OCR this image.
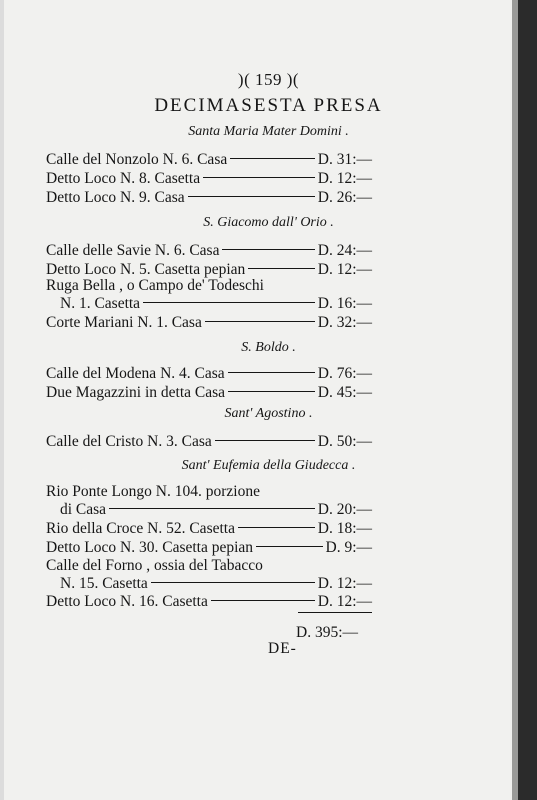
)( 159 )(
DECIMASESTA PRESA
Santa Maria Mater Domini .
Calle del Nonzolo N. 6. Casa	D. 31:—
Detto Loco N. 8. Casetta	D. 12:—
Detto Loco N. 9. Casa	D. 26:—
S. Giacomo dall' Orio .
Calle delle Savie N. 6. Casa	D. 24:—
Detto Loco N. 5. Casetta pepian	D. 12:—
Ruga Bella , o Campo de' Todeschi
N. 1. Casetta	D. 16:—
Corte Mariani N. 1. Casa	D. 32:—
S. Boldo .
Calle del Modena N. 4. Casa	D. 76:—
Due Magazzini in detta Casa	D. 45:—
Sant' Agostino .
Calle del Cristo N. 3. Casa	D. 50:—
Sant' Eufemia della Giudecca .
Rio Ponte Longo N. 104. porzione
di Casa	D. 20:—
Rio della Croce N. 52. Casetta	D. 18:—
Detto Loco N. 30. Casetta pepian	D. 9:—
Calle del Forno , ossia del Tabacco
N. 15. Casetta	D. 12:—
Detto Loco N. 16. Casetta	D. 12:—
D. 395:—
DE-
